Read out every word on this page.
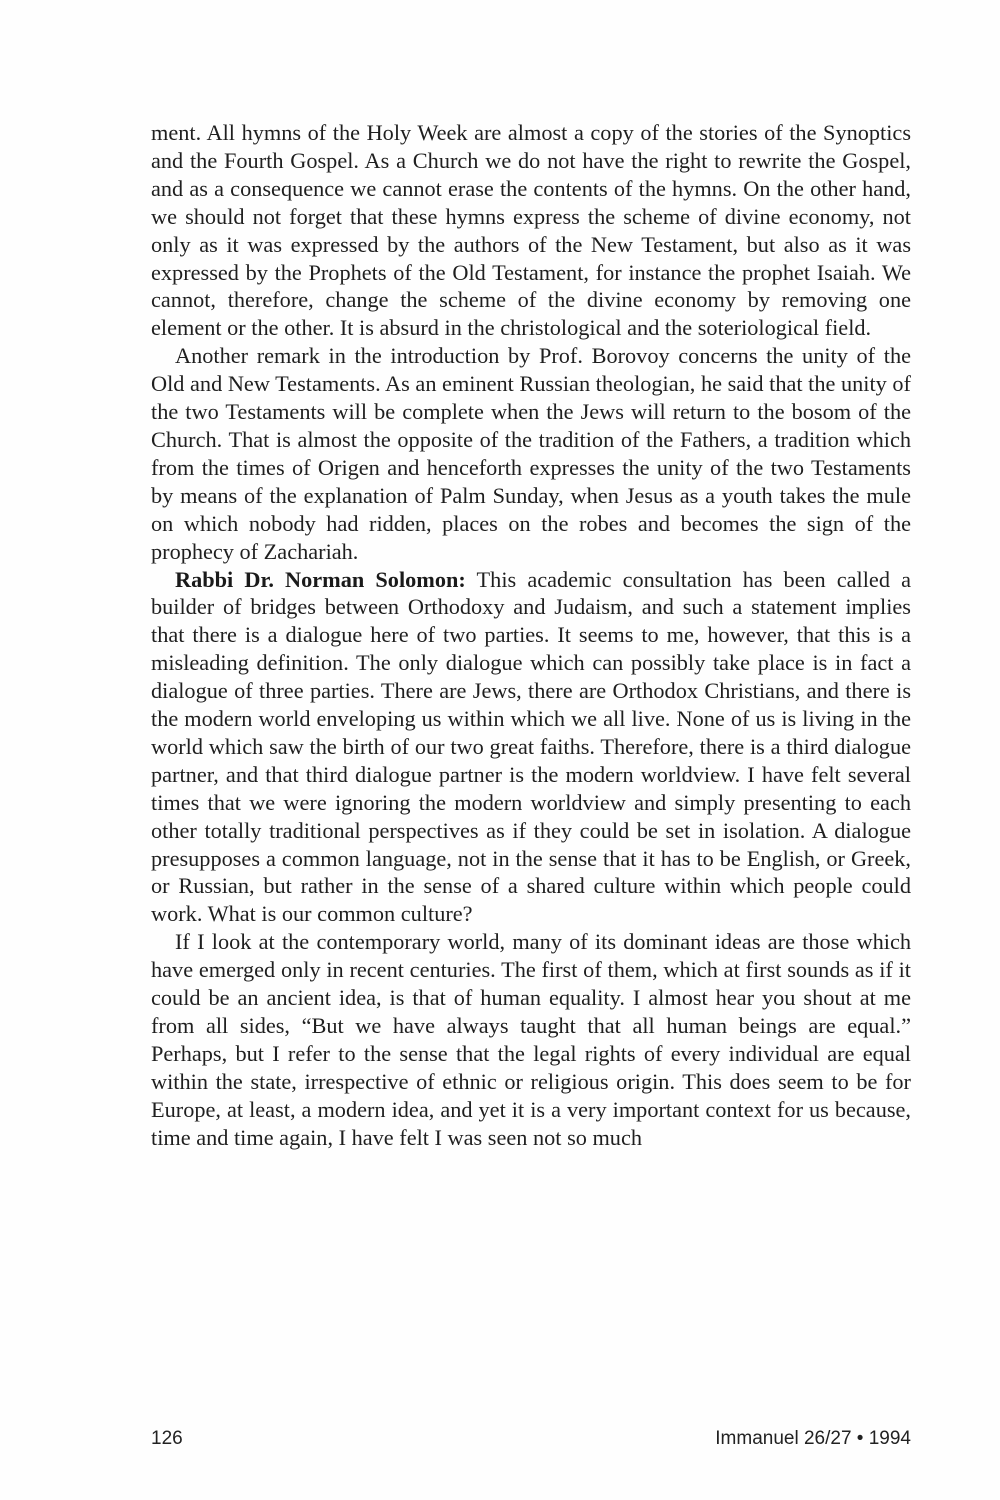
ment. All hymns of the Holy Week are almost a copy of the stories of the Synoptics and the Fourth Gospel. As a Church we do not have the right to rewrite the Gospel, and as a consequence we cannot erase the contents of the hymns. On the other hand, we should not forget that these hymns express the scheme of divine economy, not only as it was expressed by the authors of the New Testament, but also as it was expressed by the Prophets of the Old Testament, for instance the prophet Isaiah. We cannot, therefore, change the scheme of the divine economy by removing one element or the other. It is absurd in the christological and the soteriological field.

Another remark in the introduction by Prof. Borovoy concerns the unity of the Old and New Testaments. As an eminent Russian theologian, he said that the unity of the two Testaments will be complete when the Jews will return to the bosom of the Church. That is almost the opposite of the tradition of the Fathers, a tradition which from the times of Origen and henceforth expresses the unity of the two Testaments by means of the explanation of Palm Sunday, when Jesus as a youth takes the mule on which nobody had ridden, places on the robes and becomes the sign of the prophecy of Zachariah.

Rabbi Dr. Norman Solomon: This academic consultation has been called a builder of bridges between Orthodoxy and Judaism, and such a statement implies that there is a dialogue here of two parties. It seems to me, however, that this is a misleading definition. The only dialogue which can possibly take place is in fact a dialogue of three parties. There are Jews, there are Orthodox Christians, and there is the modern world enveloping us within which we all live. None of us is living in the world which saw the birth of our two great faiths. Therefore, there is a third dialogue partner, and that third dialogue partner is the modern worldview. I have felt several times that we were ignoring the modern worldview and simply presenting to each other totally traditional perspectives as if they could be set in isolation. A dialogue presupposes a common language, not in the sense that it has to be English, or Greek, or Russian, but rather in the sense of a shared culture within which people could work. What is our common culture?

If I look at the contemporary world, many of its dominant ideas are those which have emerged only in recent centuries. The first of them, which at first sounds as if it could be an ancient idea, is that of human equality. I almost hear you shout at me from all sides, “But we have always taught that all human beings are equal.” Perhaps, but I refer to the sense that the legal rights of every individual are equal within the state, irrespective of ethnic or religious origin. This does seem to be for Europe, at least, a modern idea, and yet it is a very important context for us because, time and time again, I have felt I was seen not so much

126	Immanuel 26/27 • 1994
